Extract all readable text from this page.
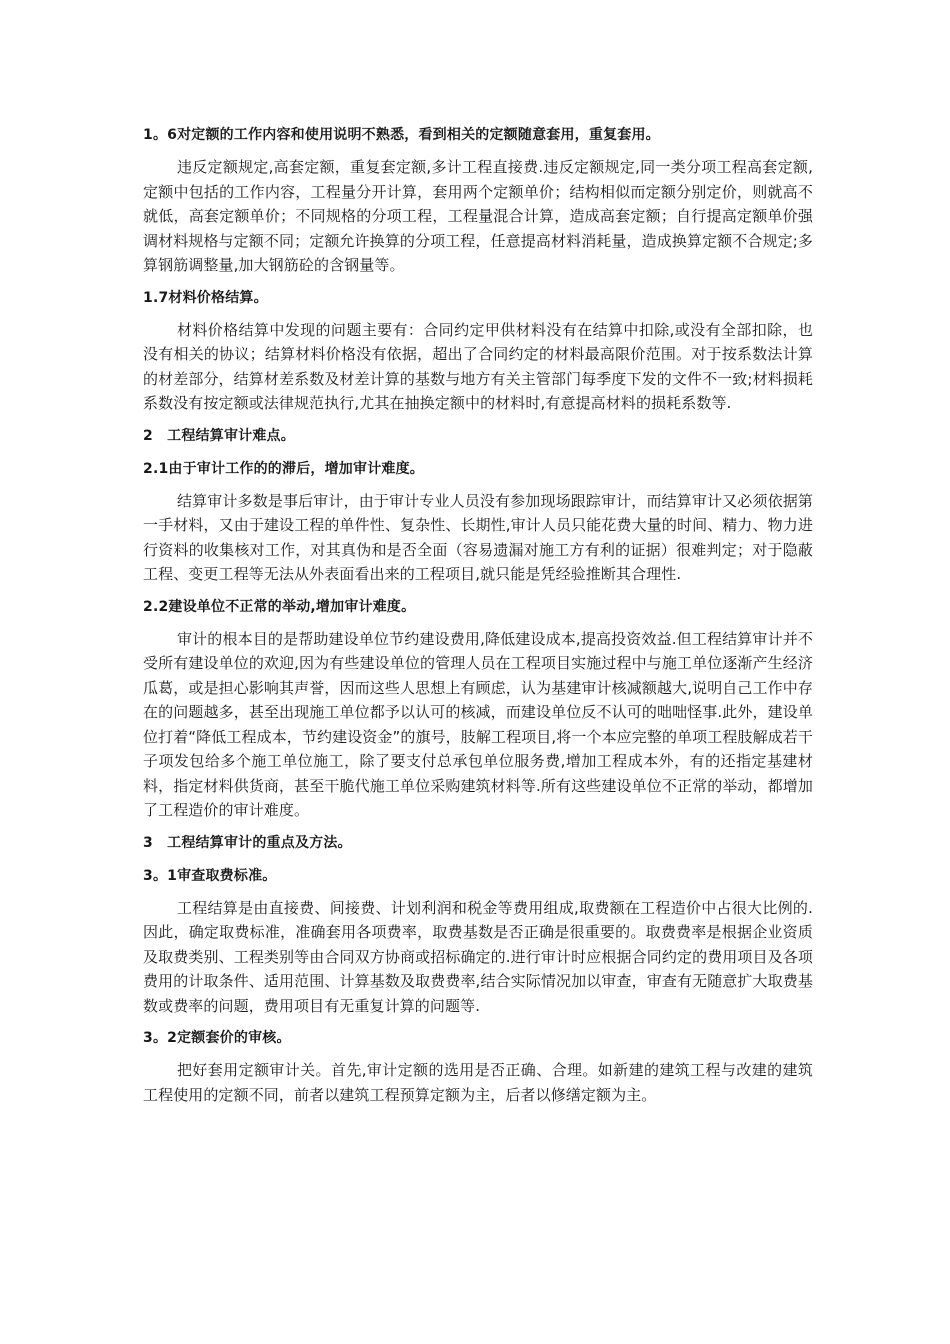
1。6对定额的工作内容和使用说明不熟悉，看到相关的定额随意套用，重复套用。

违反定额规定,高套定额，重复套定额,多计工程直接费.违反定额规定,同一类分项工程高套定额,定额中包括的工作内容，工程量分开计算，套用两个定额单价；结构相似而定额分别定价，则就高不就低，高套定额单价；不同规格的分项工程，工程量混合计算，造成高套定额；自行提高定额单价强调材料规格与定额不同；定额允许换算的分项工程，任意提高材料消耗量，造成换算定额不合规定;多算钢筋调整量,加大钢筋砼的含钢量等。

1.7材料价格结算。

材料价格结算中发现的问题主要有：合同约定甲供材料没有在结算中扣除,或没有全部扣除，也没有相关的协议；结算材料价格没有依据，超出了合同约定的材料最高限价范围。对于按系数法计算的材差部分，结算材差系数及材差计算的基数与地方有关主管部门每季度下发的文件不一致;材料损耗系数没有按定额或法律规范执行,尤其在抽换定额中的材料时,有意提高材料的损耗系数等.

2　工程结算审计难点。
2.1由于审计工作的的滞后，增加审计难度。

结算审计多数是事后审计，由于审计专业人员没有参加现场跟踪审计，而结算审计又必须依据第一手材料，又由于建设工程的单件性、复杂性、长期性,审计人员只能花费大量的时间、精力、物力进行资料的收集核对工作，对其真伪和是否全面（容易遗漏对施工方有利的证据）很难判定；对于隐蔽工程、变更工程等无法从外表面看出来的工程项目,就只能是凭经验推断其合理性.

2.2建设单位不正常的举动,增加审计难度。

审计的根本目的是帮助建设单位节约建设费用,降低建设成本,提高投资效益.但工程结算审计并不受所有建设单位的欢迎,因为有些建设单位的管理人员在工程项目实施过程中与施工单位逐渐产生经济瓜葛，或是担心影响其声誉，因而这些人思想上有顾虑，认为基建审计核减额越大,说明自己工作中存在的问题越多，甚至出现施工单位都予以认可的核减，而建设单位反不认可的咄咄怪事.此外，建设单位打着“降低工程成本，节约建设资金”的旗号，肢解工程项目,将一个本应完整的单项工程肢解成若干子项发包给多个施工单位施工，除了要支付总承包单位服务费,增加工程成本外，有的还指定基建材料，指定材料供货商，甚至干脆代施工单位采购建筑材料等.所有这些建设单位不正常的举动，都增加了工程造价的审计难度。

3　工程结算审计的重点及方法。
3。1审查取费标准。

工程结算是由直接费、间接费、计划利润和税金等费用组成,取费额在工程造价中占很大比例的.因此，确定取费标准，准确套用各项费率，取费基数是否正确是很重要的。取费费率是根据企业资质及取费类别、工程类别等由合同双方协商或招标确定的.进行审计时应根据合同约定的费用项目及各项费用的计取条件、适用范围、计算基数及取费费率,结合实际情况加以审查，审查有无随意扩大取费基数或费率的问题，费用项目有无重复计算的问题等.

3。2定额套价的审核。

把好套用定额审计关。首先,审计定额的选用是否正确、合理。如新建的建筑工程与改建的建筑工程使用的定额不同，前者以建筑工程预算定额为主，后者以修缮定额为主。
